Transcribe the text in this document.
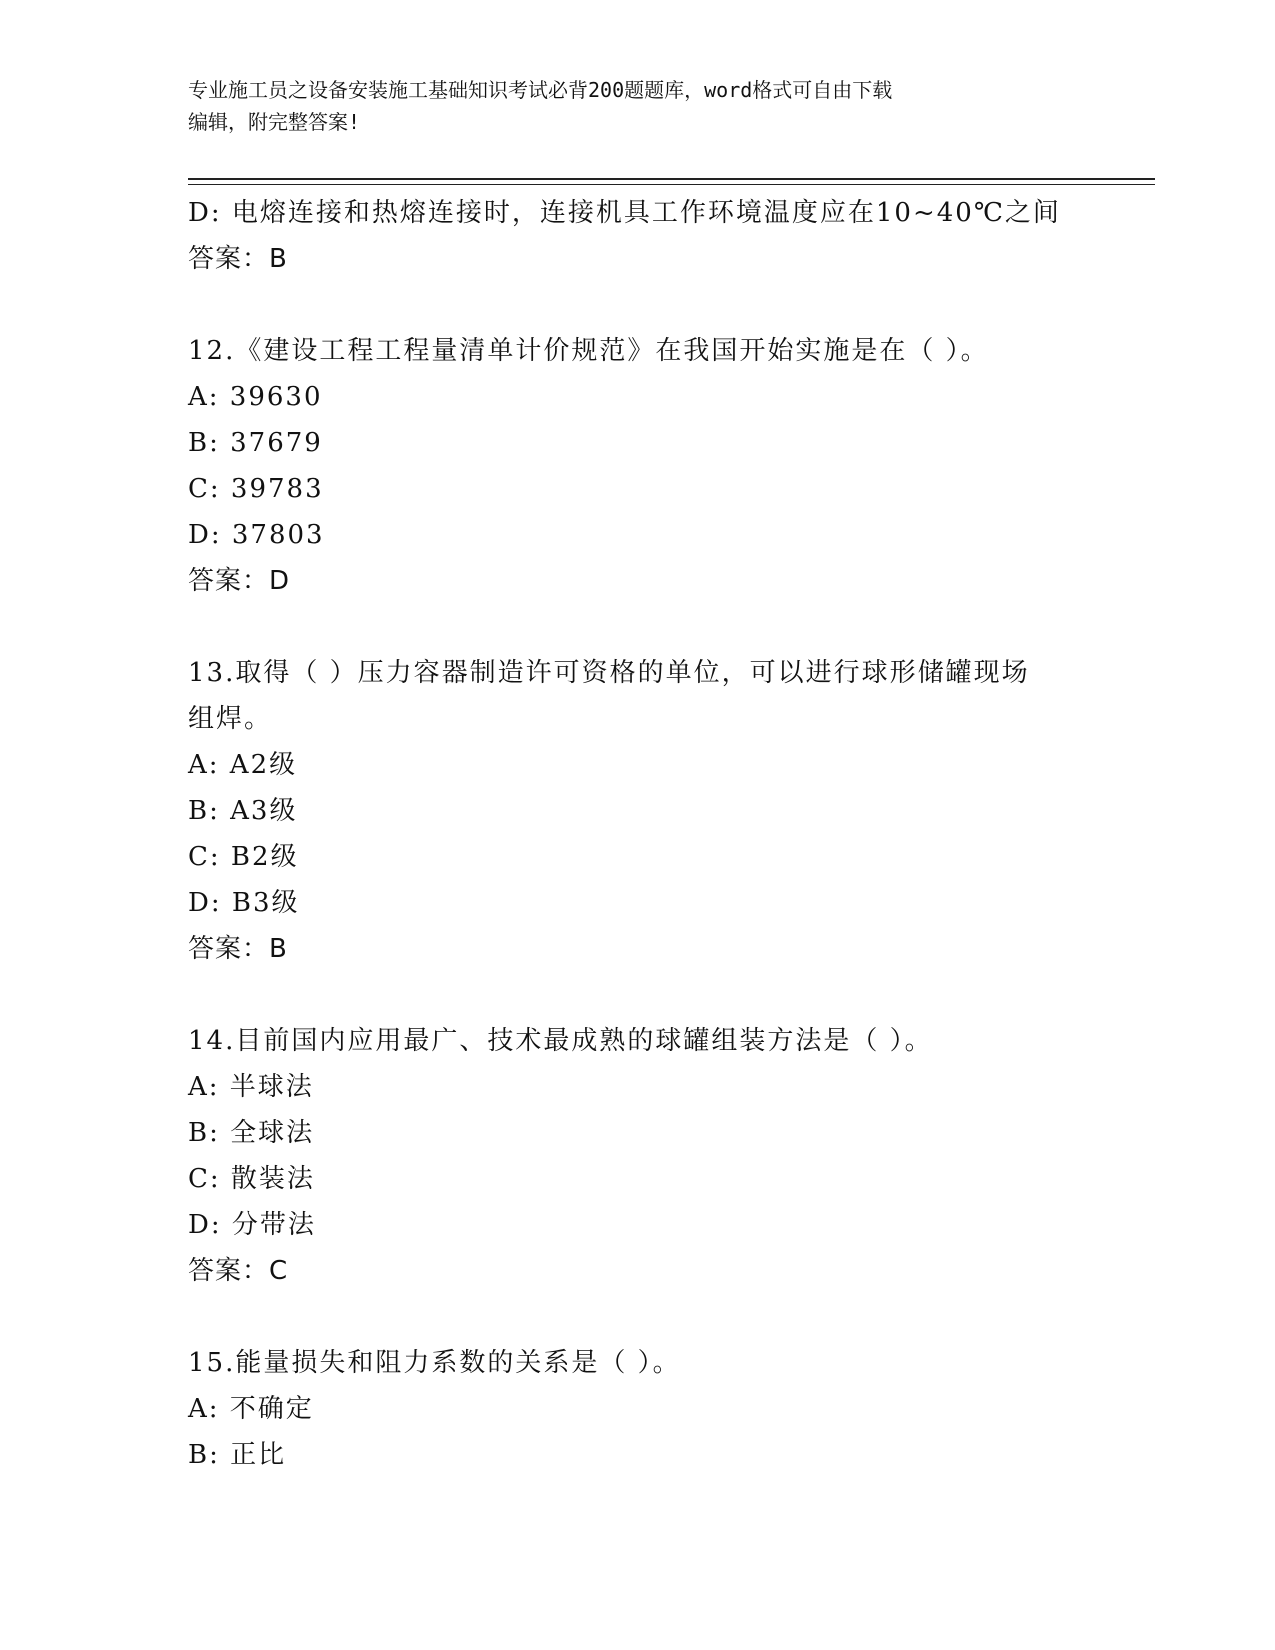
专业施工员之设备安装施工基础知识考试必背200题题库，word格式可自由下载
编辑，附完整答案!
D: 电熔连接和热熔连接时，连接机具工作环境温度应在10~40℃之间
答案：B
12.《建设工程工程量清单计价规范》在我国开始实施是在（ ）。
A: 39630
B: 37679
C: 39783
D: 37803
答案：D
13.取得（ ）压力容器制造许可资格的单位，可以进行球形储罐现场
组焊。
A: A2级
B: A3级
C: B2级
D: B3级
答案：B
14.目前国内应用最广、技术最成熟的球罐组装方法是（ ）。
A: 半球法
B: 全球法
C: 散装法
D: 分带法
答案：C
15.能量损失和阻力系数的关系是（ ）。
A: 不确定
B: 正比
